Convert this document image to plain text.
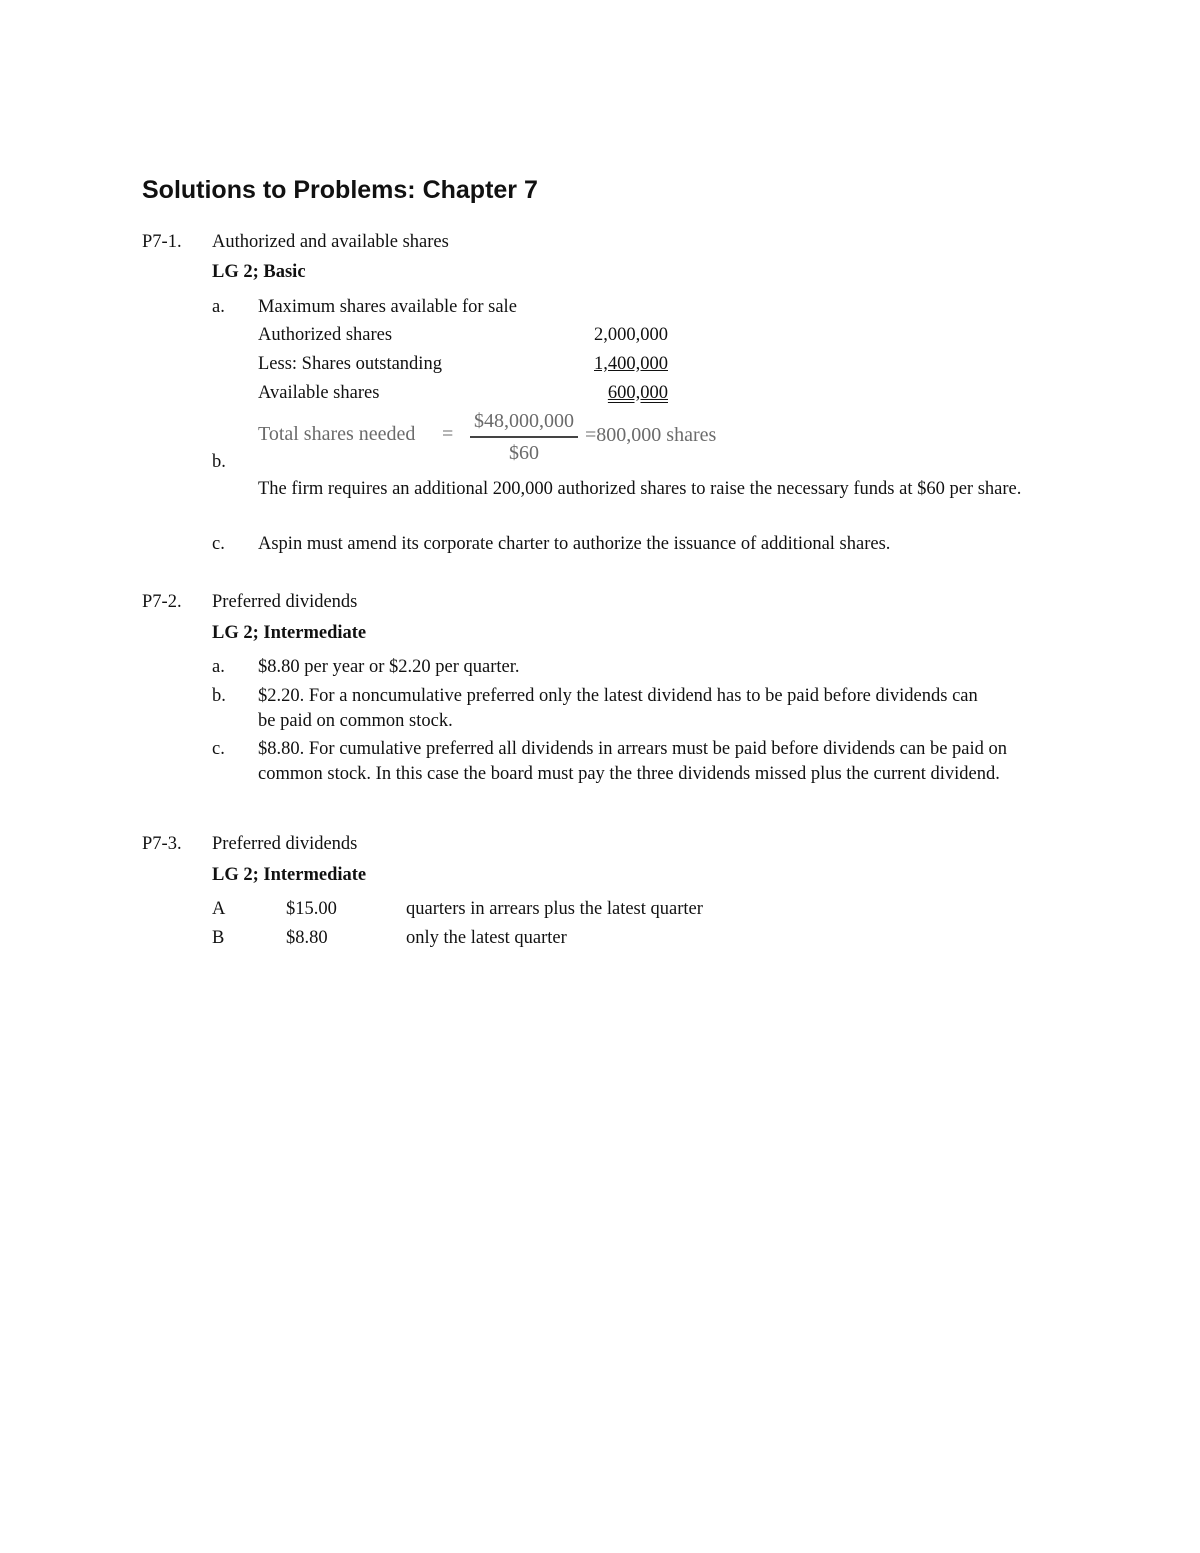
Solutions to Problems: Chapter 7
P7-1. Authorized and available shares
LG 2; Basic
a. Maximum shares available for sale
Authorized shares	2,000,000
Less: Shares outstanding	1,400,000
Available shares	600,000
Total shares needed =
$48,000,000
$60
=800,000 shares
b.
The firm requires an additional 200,000 authorized shares to raise the necessary funds at $60 per share.
c. Aspin must amend its corporate charter to authorize the issuance of additional shares.
P7-2. Preferred dividends
LG 2; Intermediate
a. $8.80 per year or $2.20 per quarter.
b. $2.20. For a noncumulative preferred only the latest dividend has to be paid before dividends can be paid on common stock.
c. $8.80. For cumulative preferred all dividends in arrears must be paid before dividends can be paid on common stock. In this case the board must pay the three dividends missed plus the current dividend.
P7-3. Preferred dividends
LG 2; Intermediate
A	$15.00	quarters in arrears plus the latest quarter
B	$8.80	only the latest quarter
